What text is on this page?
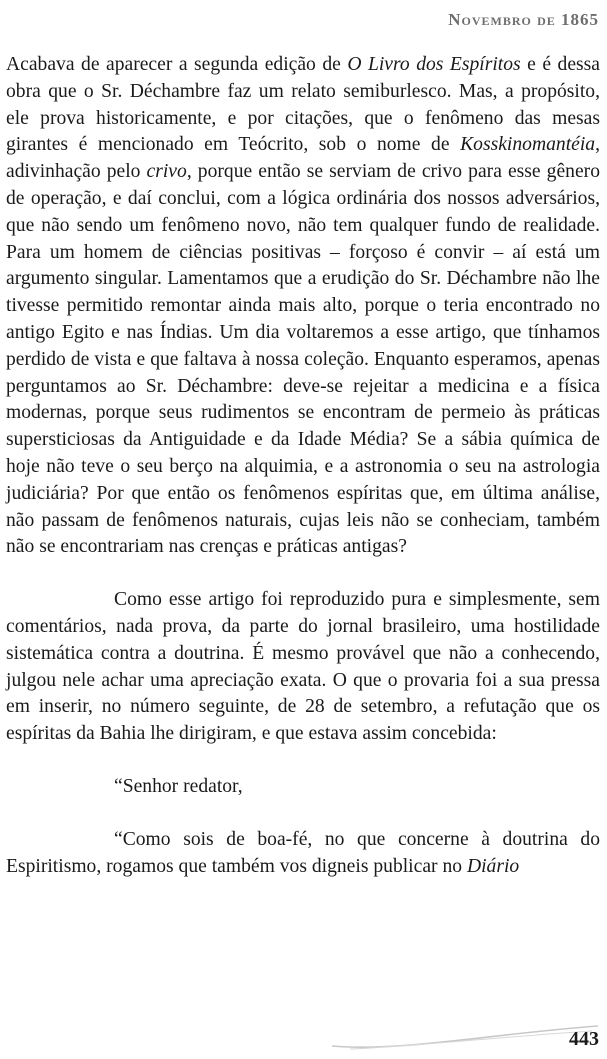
Novembro de 1865

Acabava de aparecer a segunda edição de O Livro dos Espíritos e é dessa obra que o Sr. Déchambre faz um relato semiburlesco. Mas, a propósito, ele prova historicamente, e por citações, que o fenômeno das mesas girantes é mencionado em Teócrito, sob o nome de Kosskinomantéia, adivinhação pelo crivo, porque então se serviam de crivo para esse gênero de operação, e daí conclui, com a lógica ordinária dos nossos adversários, que não sendo um fenômeno novo, não tem qualquer fundo de realidade. Para um homem de ciências positivas – forçoso é convir – aí está um argumento singular. Lamentamos que a erudição do Sr. Déchambre não lhe tivesse permitido remontar ainda mais alto, porque o teria encontrado no antigo Egito e nas Índias. Um dia voltaremos a esse artigo, que tínhamos perdido de vista e que faltava à nossa coleção. Enquanto esperamos, apenas perguntamos ao Sr. Déchambre: deve-se rejeitar a medicina e a física modernas, porque seus rudimentos se encontram de permeio às práticas supersticiosas da Antiguidade e da Idade Média? Se a sábia química de hoje não teve o seu berço na alquimia, e a astronomia o seu na astrologia judiciária? Por que então os fenômenos espíritas que, em última análise, não passam de fenômenos naturais, cujas leis não se conheciam, também não se encontrariam nas crenças e práticas antigas?

Como esse artigo foi reproduzido pura e simplesmente, sem comentários, nada prova, da parte do jornal brasileiro, uma hostilidade sistemática contra a doutrina. É mesmo provável que não a conhecendo, julgou nele achar uma apreciação exata. O que o provaria foi a sua pressa em inserir, no número seguinte, de 28 de setembro, a refutação que os espíritas da Bahia lhe dirigiram, e que estava assim concebida:

“Senhor redator,

“Como sois de boa-fé, no que concerne à doutrina do Espiritismo, rogamos que também vos digneis publicar no Diário

443
